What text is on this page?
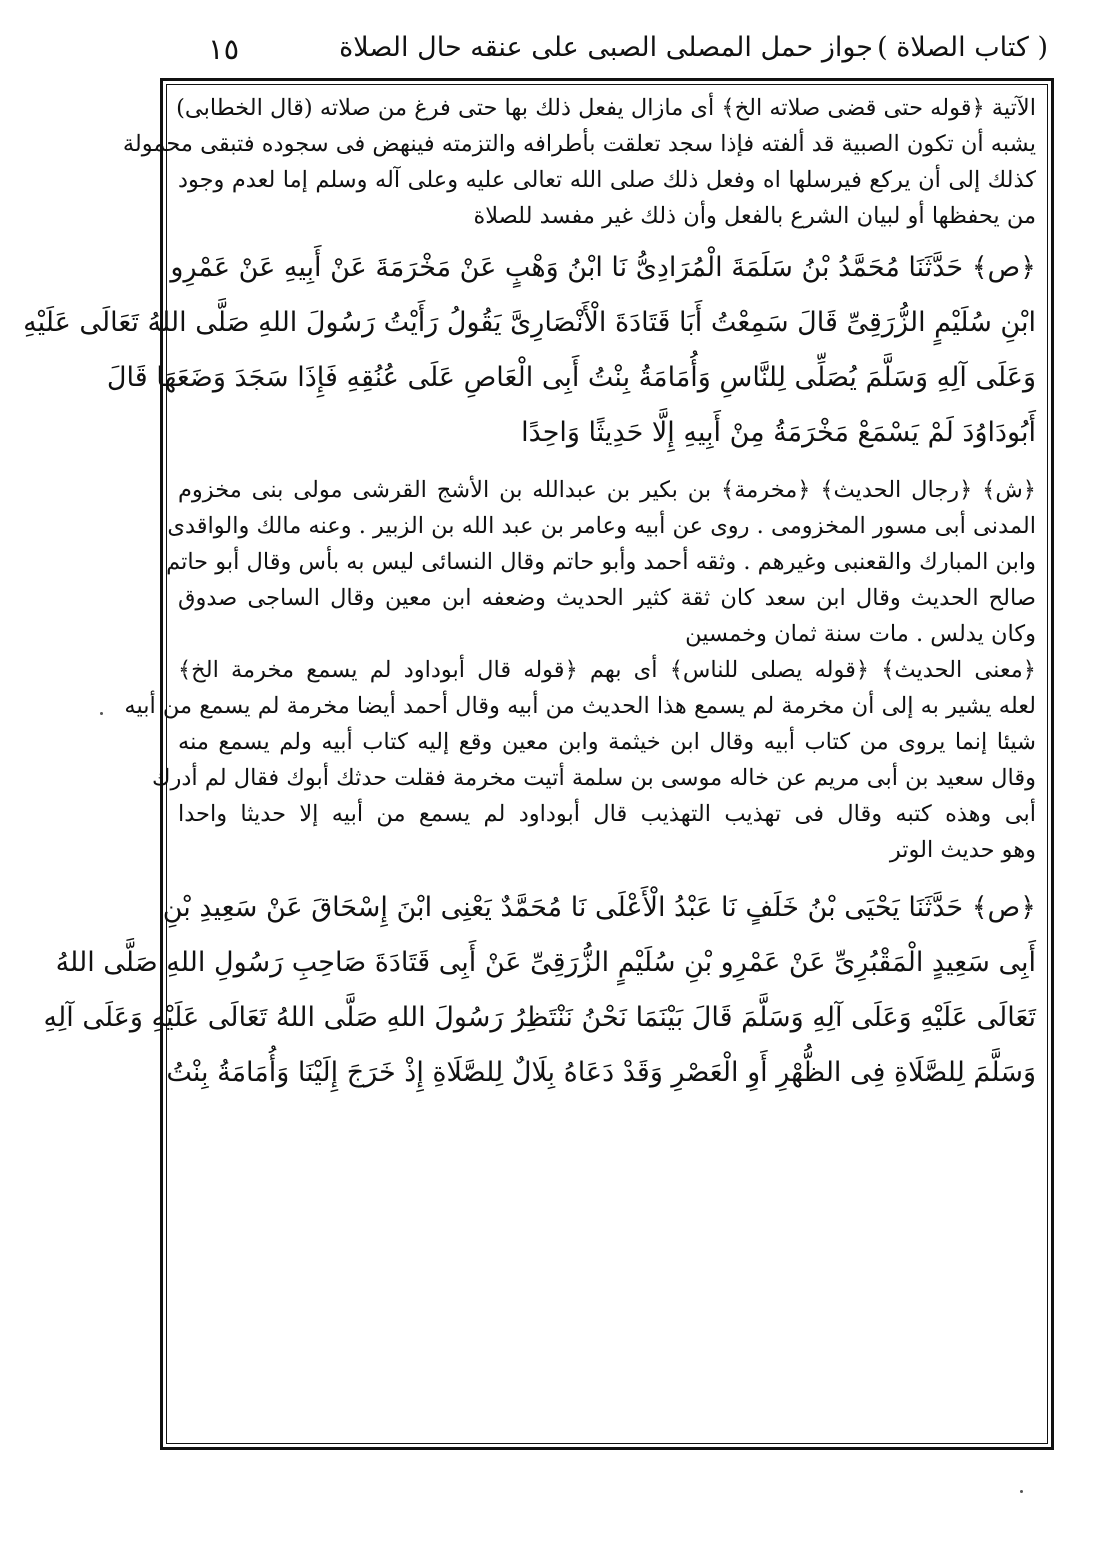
( كتاب الصلاة )
جواز حمل المصلى الصبى على عنقه حال الصلاة
١٥
الآتية ﴿قوله حتى قضى صلاته الخ﴾ أى مازال يفعل ذلك بها حتى فرغ من صلاته (قال الخطابى)
يشبه أن تكون الصبية قد ألفته فإذا سجد تعلقت بأطرافه والتزمته فينهض فى سجوده فتبقى محمولة
كذلك إلى أن يركع فيرسلها اه وفعل ذلك صلى الله تعالى عليه وعلى آله وسلم إما لعدم وجود
من يحفظها أو لبيان الشرع بالفعل وأن ذلك غير مفسد للصلاة
﴿ص﴾ حَدَّثَنَا مُحَمَّدُ بْنُ سَلَمَةَ الْمُرَادِىُّ نَا ابْنُ وَهْبٍ عَنْ مَخْرَمَةَ عَنْ أَبِيهِ عَنْ عَمْرِو
ابْنِ سُلَيْمٍ الزُّرَقِىِّ قَالَ سَمِعْتُ أَبَا قَتَادَةَ الْأَنْصَارِىَّ يَقُولُ رَأَيْتُ رَسُولَ اللهِ صَلَّى اللهُ تَعَالَى عَلَيْهِ
وَعَلَى آلِهِ وَسَلَّمَ يُصَلِّى لِلنَّاسِ وَأُمَامَةُ بِنْتُ أَبِى الْعَاصِ عَلَى عُنُقِهِ فَإِذَا سَجَدَ وَضَعَهَا قَالَ
أَبُودَاوُدَ لَمْ يَسْمَعْ مَخْرَمَةُ مِنْ أَبِيهِ إِلَّا حَدِيثًا وَاحِدًا
﴿ش﴾ ﴿رجال الحديث﴾ ﴿مخرمة﴾ بن بكير بن عبدالله بن الأشج القرشى مولى بنى مخزوم
المدنى أبى مسور المخزومى . روى عن أبيه وعامر بن عبد الله بن الزبير . وعنه مالك والواقدى
وابن المبارك والقعنبى وغيرهم . وثقه أحمد وأبو حاتم وقال النسائى ليس به بأس وقال أبو حاتم
صالح الحديث وقال ابن سعد كان ثقة كثير الحديث وضعفه ابن معين وقال الساجى صدوق
وكان يدلس . مات سنة ثمان وخمسين
﴿معنى الحديث﴾ ﴿قوله يصلى للناس﴾ أى بهم ﴿قوله قال أبوداود لم يسمع مخرمة الخ﴾
لعله يشير به إلى أن مخرمة لم يسمع هذا الحديث من أبيه وقال أحمد أيضا مخرمة لم يسمع من أبيه
شيئا إنما يروى من كتاب أبيه وقال ابن خيثمة وابن معين وقع إليه كتاب أبيه ولم يسمع منه
وقال سعيد بن أبى مريم عن خاله موسى بن سلمة أتيت مخرمة فقلت حدثك أبوك فقال لم أدرك
أبى وهذه كتبه وقال فى تهذيب التهذيب قال أبوداود لم يسمع من أبيه إلا حديثا واحدا
وهو حديث الوتر
﴿ص﴾ حَدَّثَنَا يَحْيَى بْنُ خَلَفٍ نَا عَبْدُ الْأَعْلَى نَا مُحَمَّدٌ يَعْنِى ابْنَ إِسْحَاقَ عَنْ سَعِيدِ بْنِ
أَبِى سَعِيدٍ الْمَقْبُرِىِّ عَنْ عَمْرِو بْنِ سُلَيْمٍ الزُّرَقِىِّ عَنْ أَبِى قَتَادَةَ صَاحِبِ رَسُولِ اللهِ صَلَّى اللهُ
تَعَالَى عَلَيْهِ وَعَلَى آلِهِ وَسَلَّمَ قَالَ بَيْنَمَا نَحْنُ نَنْتَظِرُ رَسُولَ اللهِ صَلَّى اللهُ تَعَالَى عَلَيْهِ وَعَلَى آلِهِ
وَسَلَّمَ لِلصَّلَاةِ فِى الظُّهْرِ أَوِ الْعَصْرِ وَقَدْ دَعَاهُ بِلَالٌ لِلصَّلَاةِ إِذْ خَرَجَ إِلَيْنَا وَأُمَامَةُ بِنْتُ
